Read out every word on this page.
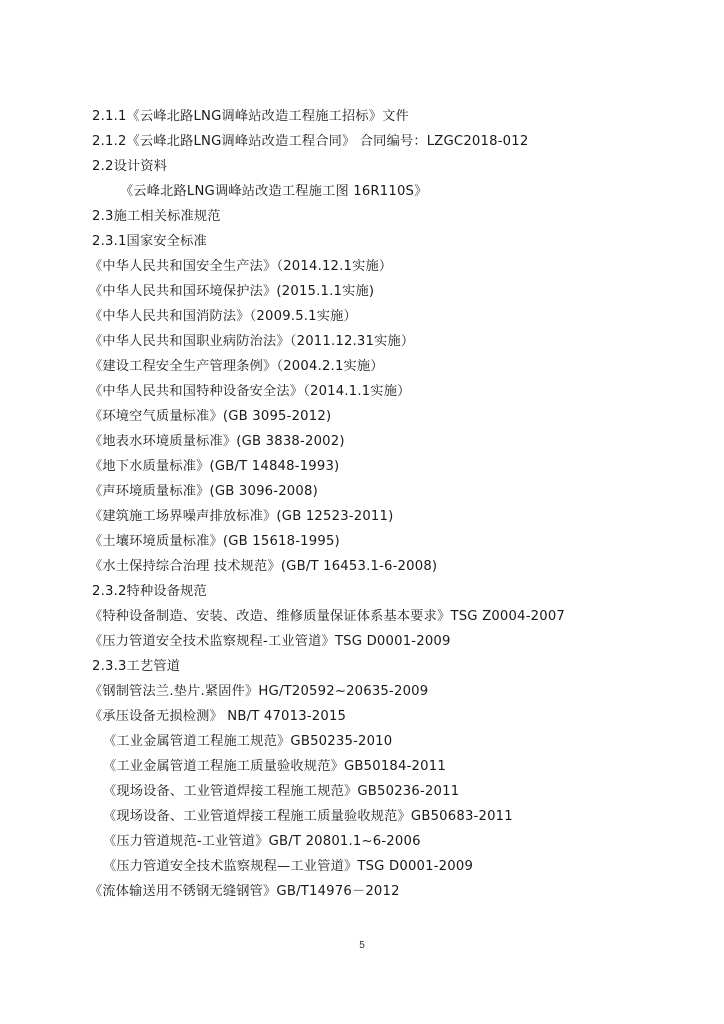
2.1.1《云峰北路LNG调峰站改造工程施工招标》文件
2.1.2《云峰北路LNG调峰站改造工程合同》 合同编号：LZGC2018-012
2.2设计资料
《云峰北路LNG调峰站改造工程施工图 16R110S》
2.3施工相关标准规范
2.3.1国家安全标准
《中华人民共和国安全生产法》（2014.12.1实施）
《中华人民共和国环境保护法》(2015.1.1实施)
《中华人民共和国消防法》（2009.5.1实施）
《中华人民共和国职业病防治法》（2011.12.31实施）
《建设工程安全生产管理条例》（2004.2.1实施）
《中华人民共和国特种设备安全法》（2014.1.1实施）
《环境空气质量标准》(GB 3095-2012)
《地表水环境质量标准》(GB 3838-2002)
《地下水质量标准》(GB/T 14848-1993)
《声环境质量标准》(GB 3096-2008)
《建筑施工场界噪声排放标准》(GB 12523-2011)
《土壤环境质量标准》(GB 15618-1995)
《水土保持综合治理 技术规范》(GB/T 16453.1-6-2008)
2.3.2特种设备规范
《特种设备制造、安装、改造、维修质量保证体系基本要求》TSG Z0004-2007
《压力管道安全技术监察规程-工业管道》TSG D0001-2009
2.3.3工艺管道
《钢制管法兰.垫片.紧固件》HG/T20592~20635-2009
《承压设备无损检测》 NB/T 47013-2015
《工业金属管道工程施工规范》GB50235-2010
《工业金属管道工程施工质量验收规范》GB50184-2011
《现场设备、工业管道焊接工程施工规范》GB50236-2011
《现场设备、工业管道焊接工程施工质量验收规范》GB50683-2011
《压力管道规范-工业管道》GB/T 20801.1~6-2006
《压力管道安全技术监察规程—工业管道》TSG D0001-2009
《流体输送用不锈钢无缝钢管》GB/T14976－2012
5
